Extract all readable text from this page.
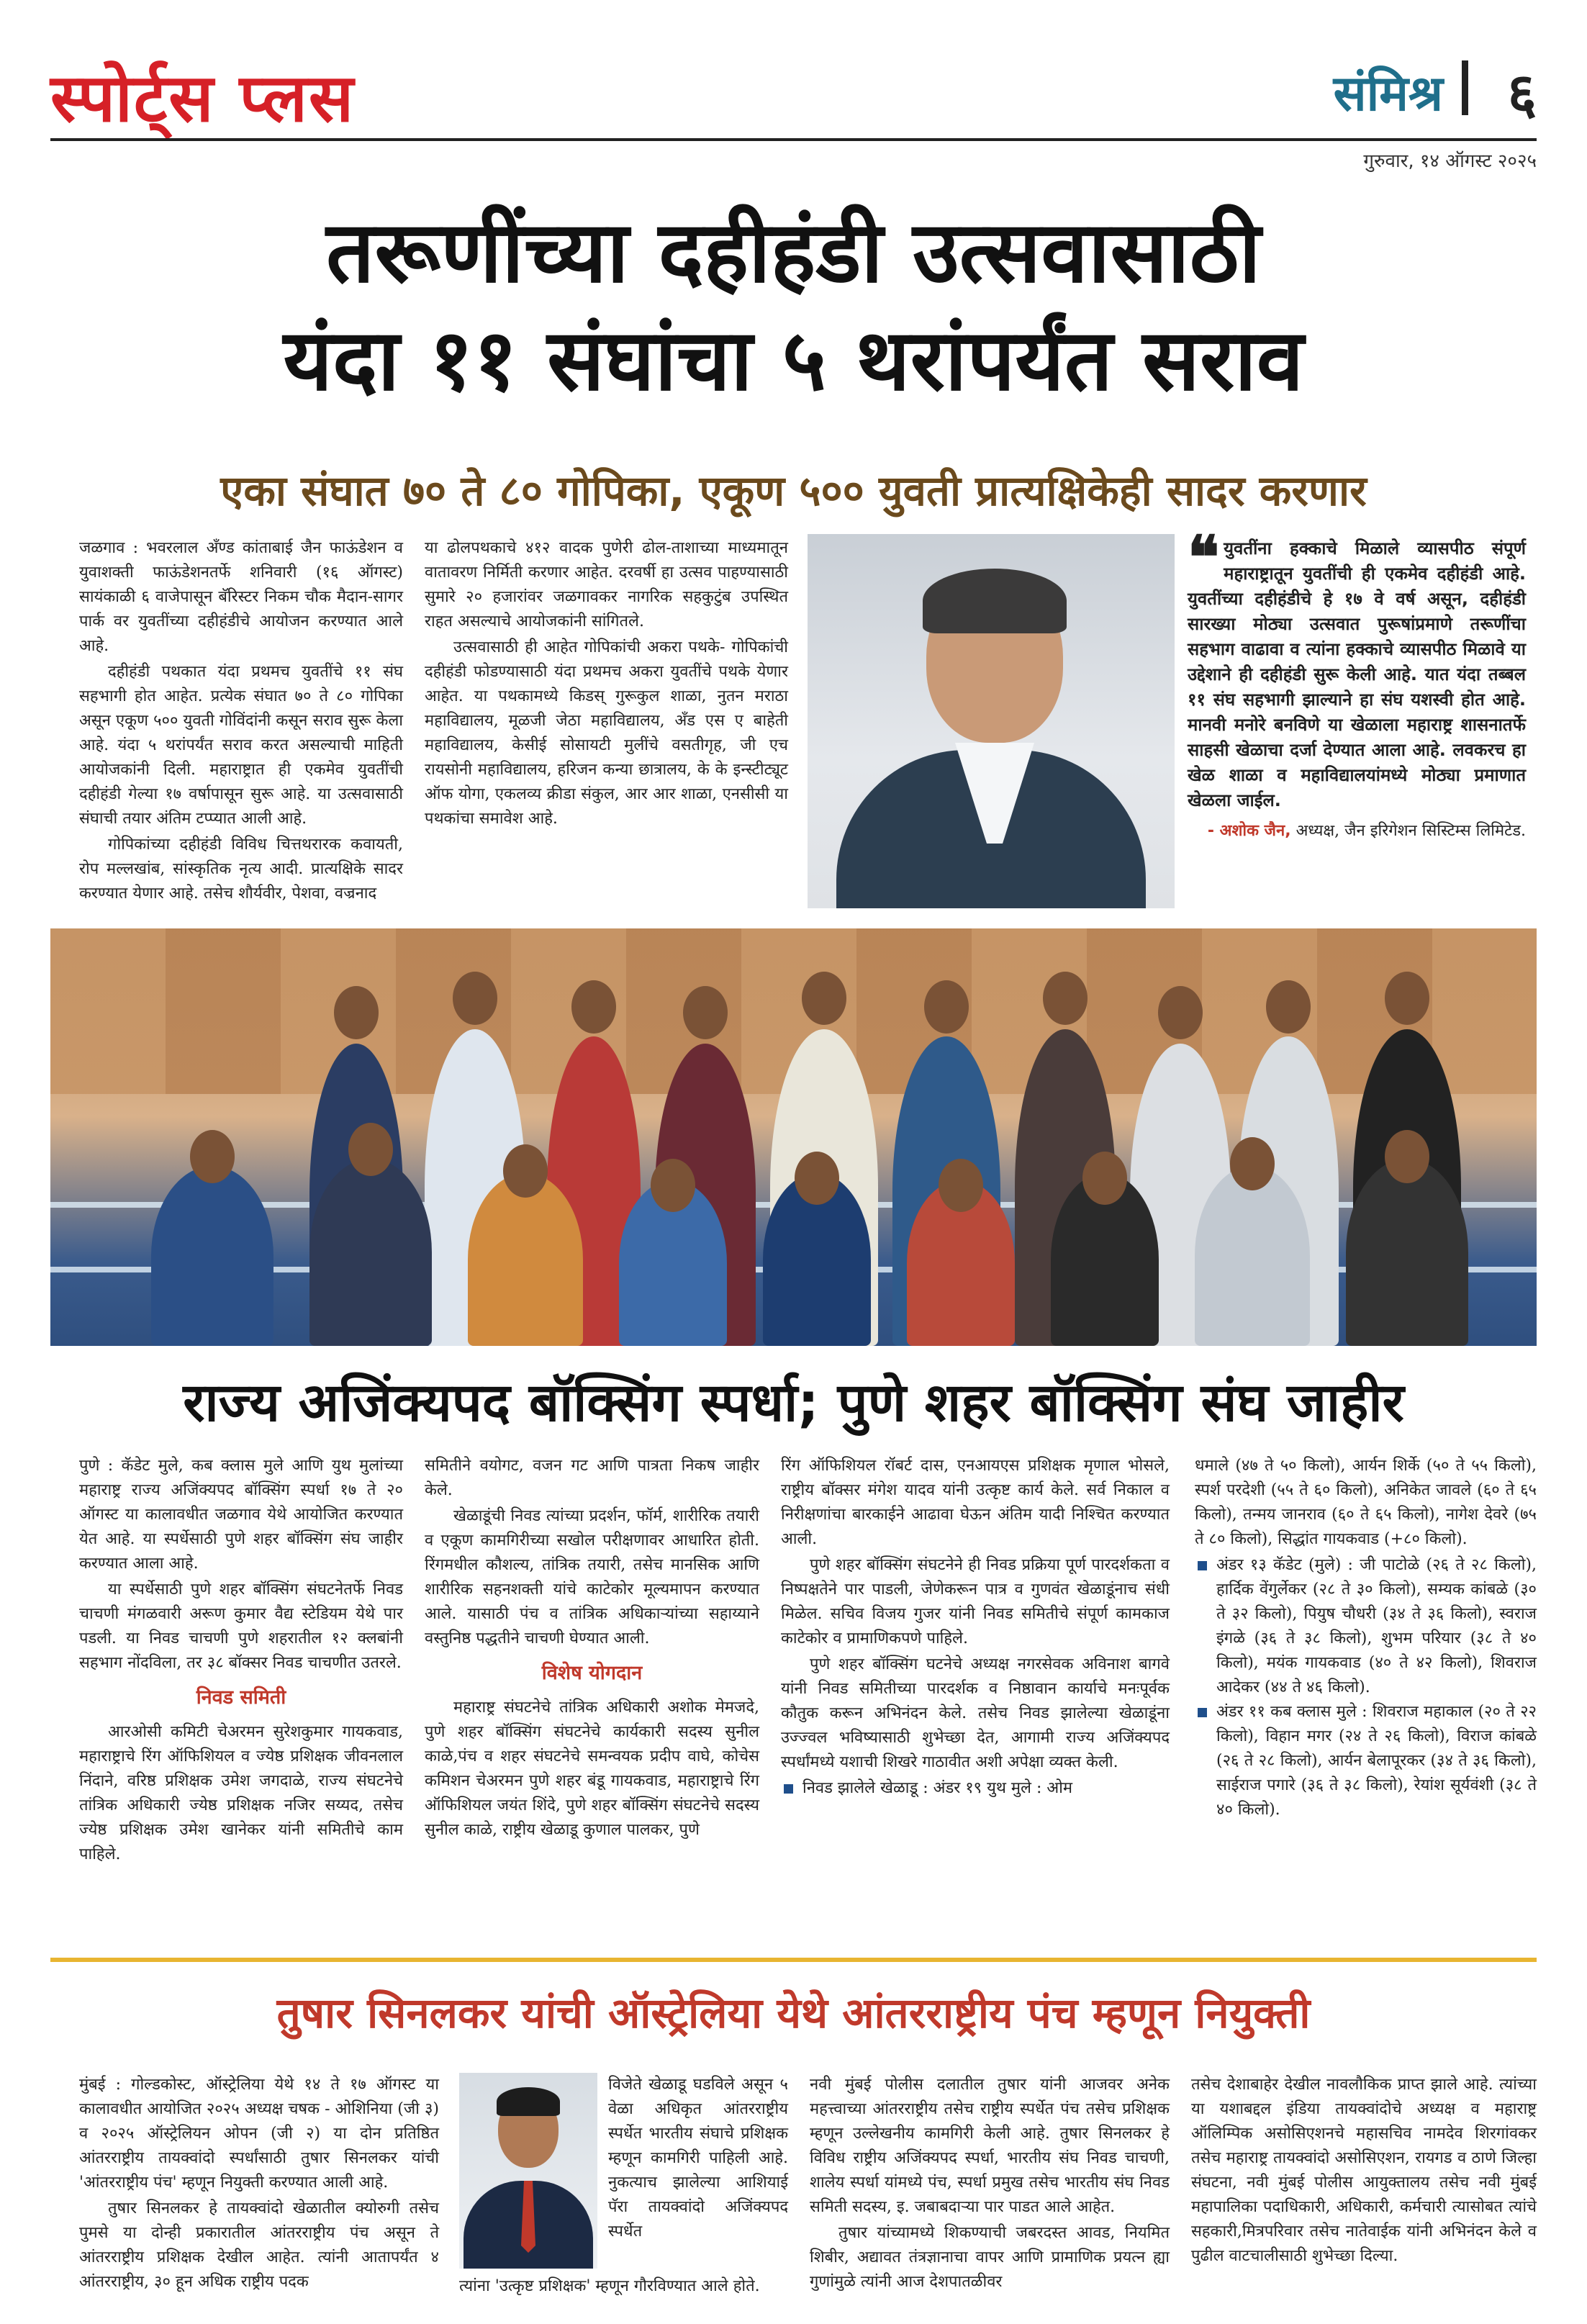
स्पोर्ट्स प्लस	संमिश्र ६
गुरुवार, १४ ऑगस्ट २०२५
तरूणींच्या दहीहंडी उत्सवासाठी
यंदा ११ संघांचा ५ थरांपर्यंत सराव
एका संघात ७० ते ८० गोपिका, एकूण ५०० युवती प्रात्यक्षिकेही सादर करणार

जळगाव : भवरलाल अँण्ड कांताबाई जैन फाऊंडेशन व युवाशक्ती फाऊंडेशनतर्फे शनिवारी (१६ ऑगस्ट) सायंकाळी ६ वाजेपासून बॅरिस्टर निकम चौक मैदान-सागर पार्क वर युवतींच्या दहीहंडीचे आयोजन करण्यात आले आहे.

दहीहंडी पथकात यंदा प्रथमच युवतींचे ११ संघ सहभागी होत आहेत. प्रत्येक संघात ७० ते ८० गोपिका असून एकूण ५०० युवती गोविंदांनी कसून सराव सुरू केला आहे. यंदा ५ थरांपर्यंत सराव करत असल्याची माहिती आयोजकांनी दिली. महाराष्ट्रात ही एकमेव युवतींची दहीहंडी गेल्या १७ वर्षापासून सुरू आहे. या उत्सवासाठी संघाची तयार अंतिम टप्प्यात आली आहे.

गोपिकांच्या दहीहंडी विविध चित्तथरारक कवायती, रोप मल्लखांब, सांस्कृतिक नृत्य आदी. प्रात्यक्षिके सादर करण्यात येणार आहे. तसेच शौर्यवीर, पेशवा, वज्रनाद

या ढोलपथकाचे ४१२ वादक पुणेरी ढोल-ताशाच्या माध्यमातून वातावरण निर्मिती करणार आहेत. दरवर्षी हा उत्सव पाहण्यासाठी सुमारे २० हजारांवर जळगावकर नागरिक सहकुटुंब उपस्थित राहत असल्याचे आयोजकांनी सांगितले.

उत्सवासाठी ही आहेत गोपिकांची अकरा पथके- गोपिकांची दहीहंडी फोडण्यासाठी यंदा प्रथमच अकरा युवतींचे पथके येणार आहेत. या पथकामध्ये किडस् गुरूकुल शाळा, नुतन मराठा महाविद्यालय, मूळजी जेठा महाविद्यालय, अँड एस ए बाहेती महाविद्यालय, केसीई सोसायटी मुलींचे वसतीगृह, जी एच रायसोनी महाविद्यालय, हरिजन कन्या छात्रालय, के के इन्स्टीट्यूट ऑफ योगा, एकलव्य क्रीडा संकुल, आर आर शाळा, एनसीसी या पथकांचा समावेश आहे.

❝ युवतींना हक्काचे मिळाले व्यासपीठ संपूर्ण महाराष्ट्रातून युवतींची ही एकमेव दहीहंडी आहे. युवतींच्या दहीहंडीचे हे १७ वे वर्ष असून, दहीहंडी सारख्या मोठ्या उत्सवात पुरूषांप्रमाणे तरूणींचा सहभाग वाढावा व त्यांना हक्काचे व्यासपीठ मिळावे या उद्देशाने ही दहीहंडी सुरू केली आहे. यात यंदा तब्बल ११ संघ सहभागी झाल्याने हा संघ यशस्वी होत आहे. मानवी मनोरे बनविणे या खेळाला महाराष्ट्र शासनातर्फे साहसी खेळाचा दर्जा देण्यात आला आहे. लवकरच हा खेळ शाळा व महाविद्यालयांमध्ये मोठ्या प्रमाणात खेळला जाईल.
- अशोक जैन, अध्यक्ष, जैन इरिगेशन सिस्टिम्स लिमिटेड.
राज्य अजिंक्यपद बॉक्सिंग स्पर्धा; पुणे शहर बॉक्सिंग संघ जाहीर

पुणे : कॅडेट मुले, कब क्लास मुले आणि युथ मुलांच्या महाराष्ट्र राज्य अजिंक्यपद बॉक्सिंग स्पर्धा १७ ते २० ऑगस्ट या कालावधीत जळगाव येथे आयोजित करण्यात येत आहे. या स्पर्धेसाठी पुणे शहर बॉक्सिंग संघ जाहीर करण्यात आला आहे.

या स्पर्धेसाठी पुणे शहर बॉक्सिंग संघटनेतर्फे निवड चाचणी मंगळवारी अरूण कुमार वैद्य स्टेडियम येथे पार पडली. या निवड चाचणी पुणे शहरातील १२ क्लबांनी सहभाग नोंदविला, तर ३८ बॉक्सर निवड चाचणीत उतरले.

निवड समिती

आरओसी कमिटी चेअरमन सुरेशकुमार गायकवाड, महाराष्ट्राचे रिंग ऑफिशियल व ज्येष्ठ प्रशिक्षक जीवनलाल निंदाने, वरिष्ठ प्रशिक्षक उमेश जगदाळे, राज्य संघटनेचे तांत्रिक अधिकारी ज्येष्ठ प्रशिक्षक नजिर सय्यद, तसेच ज्येष्ठ प्रशिक्षक उमेश खानेकर यांनी समितीचे काम पाहिले.

समितीने वयोगट, वजन गट आणि पात्रता निकष जाहीर केले.

खेळाडूंची निवड त्यांच्या प्रदर्शन, फॉर्म, शारीरिक तयारी व एकूण कामगिरीच्या सखोल परीक्षणावर आधारित होती. रिंगमधील कौशल्य, तांत्रिक तयारी, तसेच मानसिक आणि शारीरिक सहनशक्ती यांचे काटेकोर मूल्यमापन करण्यात आले. यासाठी पंच व तांत्रिक अधिकाऱ्यांच्या सहाय्याने वस्तुनिष्ठ पद्धतीने चाचणी घेण्यात आली.

विशेष योगदान

महाराष्ट्र संघटनेचे तांत्रिक अधिकारी अशोक मेमजदे, पुणे शहर बॉक्सिंग संघटनेचे कार्यकारी सदस्य सुनील काळे,पंच व शहर संघटनेचे समन्वयक प्रदीप वाघे, कोचेस कमिशन चेअरमन पुणे शहर बंडू गायकवाड, महाराष्ट्राचे रिंग ऑफिशियल जयंत शिंदे, पुणे शहर बॉक्सिंग संघटनेचे सदस्य सुनील काळे, राष्ट्रीय खेळाडू कुणाल पालकर, पुणे

रिंग ऑफिशियल रॉबर्ट दास, एनआयएस प्रशिक्षक मृणाल भोसले, राष्ट्रीय बॉक्सर मंगेश यादव यांनी उत्कृष्ट कार्य केले. सर्व निकाल व निरीक्षणांचा बारकाईने आढावा घेऊन अंतिम यादी निश्चित करण्यात आली.

पुणे शहर बॉक्सिंग संघटनेने ही निवड प्रक्रिया पूर्ण पारदर्शकता व निष्पक्षतेने पार पाडली, जेणेकरून पात्र व गुणवंत खेळाडूंनाच संधी मिळेल. सचिव विजय गुजर यांनी निवड समितीचे संपूर्ण कामकाज काटेकोर व प्रामाणिकपणे पाहिले.

पुणे शहर बॉक्सिंग घटनेचे अध्यक्ष नगरसेवक अविनाश बागवे यांनी निवड समितीच्या पारदर्शक व निष्ठावान कार्याचे मनःपूर्वक कौतुक करून अभिनंदन केले. तसेच निवड झालेल्या खेळाडूंना उज्ज्वल भविष्यासाठी शुभेच्छा देत, आगामी राज्य अजिंक्यपद स्पर्धांमध्ये यशाची शिखरे गाठावीत अशी अपेक्षा व्यक्त केली.

निवड झालेले खेळाडू : अंडर १९ युथ मुले : ओम

धमाले (४७ ते ५० किलो), आर्यन शिर्के (५० ते ५५ किलो), स्पर्श परदेशी (५५ ते ६० किलो), अनिकेत जावले (६० ते ६५ किलो), तन्मय जानराव (६० ते ६५ किलो), नागेश देवरे (७५ ते ८० किलो), सिद्धांत गायकवाड (+८० किलो).

अंडर १३ कॅडेट (मुले) : जी पाटोळे (२६ ते २८ किलो), हार्दिक वेंगुर्लेकर (२८ ते ३० किलो), सम्यक कांबळे (३० ते ३२ किलो), पियुष चौधरी (३४ ते ३६ किलो), स्वराज इंगळे (३६ ते ३८ किलो), शुभम परियार (३८ ते ४० किलो), मयंक गायकवाड (४० ते ४२ किलो), शिवराज आदेकर (४४ ते ४६ किलो).
अंडर ११ कब क्लास मुले : शिवराज महाकाल (२० ते २२ किलो), विहान मगर (२४ ते २६ किलो), विराज कांबळे (२६ ते २८ किलो), आर्यन बेलापूरकर (३४ ते ३६ किलो), साईराज पगारे (३६ ते ३८ किलो), रेयांश सूर्यवंशी (३८ ते ४० किलो).
तुषार सिनलकर यांची ऑस्ट्रेलिया येथे आंतरराष्ट्रीय पंच म्हणून नियुक्ती

मुंबई : गोल्डकोस्ट, ऑस्ट्रेलिया येथे १४ ते १७ ऑगस्ट या कालावधीत आयोजित २०२५ अध्यक्ष चषक - ओशिनिया (जी ३) व २०२५ ऑस्ट्रेलियन ओपन (जी २) या दोन प्रतिष्ठित आंतरराष्ट्रीय तायक्वांदो स्पर्धांसाठी तुषार सिनलकर यांची 'आंतरराष्ट्रीय पंच' म्हणून नियुक्ती करण्यात आली आहे.

तुषार सिनलकर हे तायक्वांदो खेळातील क्योरुगी तसेच पुमसे या दोन्ही प्रकारातील आंतरराष्ट्रीय पंच असून ते आंतरराष्ट्रीय प्रशिक्षक देखील आहेत. त्यांनी आतापर्यंत ४ आंतरराष्ट्रीय, ३० हून अधिक राष्ट्रीय पदक

विजेते खेळाडू घडविले असून ५ वेळा अधिकृत आंतरराष्ट्रीय स्पर्धेत भारतीय संघाचे प्रशिक्षक म्हणून कामगिरी पाहिली आहे. नुकत्याच झालेल्या आशियाई पॅरा तायक्वांदो अजिंक्यपद स्पर्धेत

त्यांना 'उत्कृष्ट प्रशिक्षक' म्हणून गौरविण्यात आले होते.

नवी मुंबई पोलीस दलातील तुषार यांनी आजवर अनेक महत्त्वाच्या आंतरराष्ट्रीय तसेच राष्ट्रीय स्पर्धेत पंच तसेच प्रशिक्षक म्हणून उल्लेखनीय कामगिरी केली आहे. तुषार सिनलकर हे विविध राष्ट्रीय अजिंक्यपद स्पर्धा, भारतीय संघ निवड चाचणी, शालेय स्पर्धा यांमध्ये पंच, स्पर्धा प्रमुख तसेच भारतीय संघ निवड समिती सदस्य, इ. जबाबदाऱ्या पार पाडत आले आहेत.

तुषार यांच्यामध्ये शिकण्याची जबरदस्त आवड, नियमित शिबीर, अद्यावत तंत्रज्ञानाचा वापर आणि प्रामाणिक प्रयत्न ह्या गुणांमुळे त्यांनी आज देशपातळीवर

तसेच देशाबाहेर देखील नावलौकिक प्राप्त झाले आहे. त्यांच्या या यशाबद्दल इंडिया तायक्वांदोचे अध्यक्ष व महाराष्ट्र ऑलिम्पिक असोसिएशनचे महासचिव नामदेव शिरगांवकर तसेच महाराष्ट्र तायक्वांदो असोसिएशन, रायगड व ठाणे जिल्हा संघटना, नवी मुंबई पोलीस आयुक्तालय तसेच नवी मुंबई महापालिका पदाधिकारी, अधिकारी, कर्मचारी त्यासोबत त्यांचे सहकारी,मित्रपरिवार तसेच नातेवाईक यांनी अभिनंदन केले व पुढील वाटचालीसाठी शुभेच्छा दिल्या.
